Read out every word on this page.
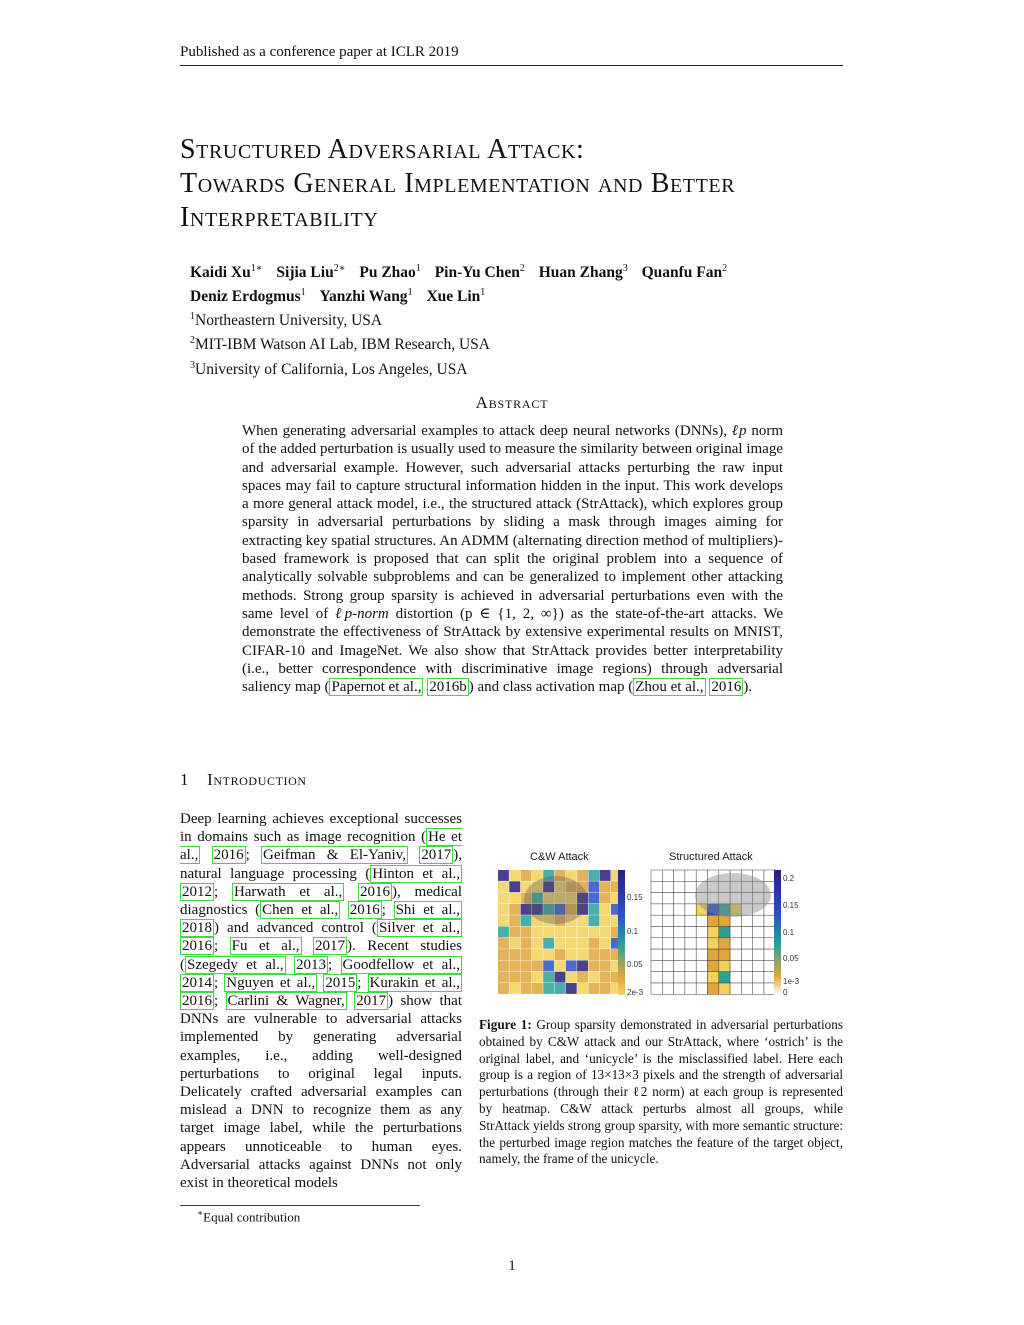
Published as a conference paper at ICLR 2019
Structured Adversarial Attack:
Towards General Implementation and Better
Interpretability
Kaidi $Xu^{1∗}$ Sijia Liu$^{2∗}$ Pu Zhao$^1$ Pin-Yu Chen$^2$ Huan Zhang$^3$ Quanfu Fan$^2$
Deniz Erdogmus$^1$ Yanzhi Wang$^1$ Xue Lin$^1$

$^1$Northeastern University, USA

$^2$MIT-IBM Watson AI Lab, IBM Research, USA

$^3$University of California, Los Angeles, USA

Abstract
When generating adversarial examples to attack deep neural networks (DNNs), ℓp norm of the added perturbation is usually used to measure the similarity between original image and adversarial example. However, such adversarial attacks perturbing the raw input spaces may fail to capture structural information hidden in the input. This work develops a more general attack model, i.e., the structured attack (StrAttack), which explores group sparsity in adversarial perturbations by sliding a mask through images aiming for extracting key spatial structures. An ADMM (alternating direction method of multipliers)-based framework is proposed that can split the original problem into a sequence of analytically solvable subproblems and can be generalized to implement other attacking methods. Strong group sparsity is achieved in adversarial perturbations even with the same level of ℓp-norm distortion (p ∈ {1, 2, ∞}) as the state-of-the-art attacks. We demonstrate the effectiveness of StrAttack by extensive experimental results on MNIST, CIFAR-10 and ImageNet. We also show that StrAttack provides better interpretability (i.e., better correspondence with discriminative image regions) through adversarial saliency map ( Papernot et al., 2016b ) and class activation map ( Zhou et al., 2016 ).
1 Introduction
Deep learning achieves exceptional successes in domains such as image recognition ( He et al., 2016 ; Geifman & El-Yaniv, 2017 ), natural language processing ( Hinton et al., 2012 ; Harwath et al., 2016 ), medical diagnostics ( Chen et al., 2016 ; Shi et al., 2018 ) and advanced control ( Silver et al., 2016 ; Fu et al., 2017 ). Recent studies ( Szegedy et al., 2013 ; Goodfellow et al., 2014 ; Nguyen et al., 2015 ; Kurakin et al., 2016 ; Carlini & Wagner, 2017 ) show that DNNs are vulnerable to adversarial attacks implemented by generating adversarial examples, i.e., adding well-designed perturbations to original legal inputs. Delicately crafted adversarial examples can mislead a DNN to recognize them as any target image label, while the perturbations appears unnoticeable to human eyes. Adversarial attacks against DNNs not only exist in theoretical models
C&W Attack	Structured Attack
0.15
0.1
0.05
2e-3
0.2
0.15
0.1
0.05
1e-3
0
Figure 1: Group sparsity demonstrated in adversarial perturbations obtained by C&W attack and our StrAttack, where ‘ostrich’ is the original label, and ‘unicycle’ is the misclassified label. Here each group is a region of 13×13×3 pixels and the strength of adversarial perturbations (through their ℓ2 norm) at each group is represented by heatmap. C&W attack perturbs almost all groups, while StrAttack yields strong group sparsity, with more semantic structure: the perturbed image region matches the feature of the target object, namely, the frame of the unicycle.
∗Equal contribution
1
